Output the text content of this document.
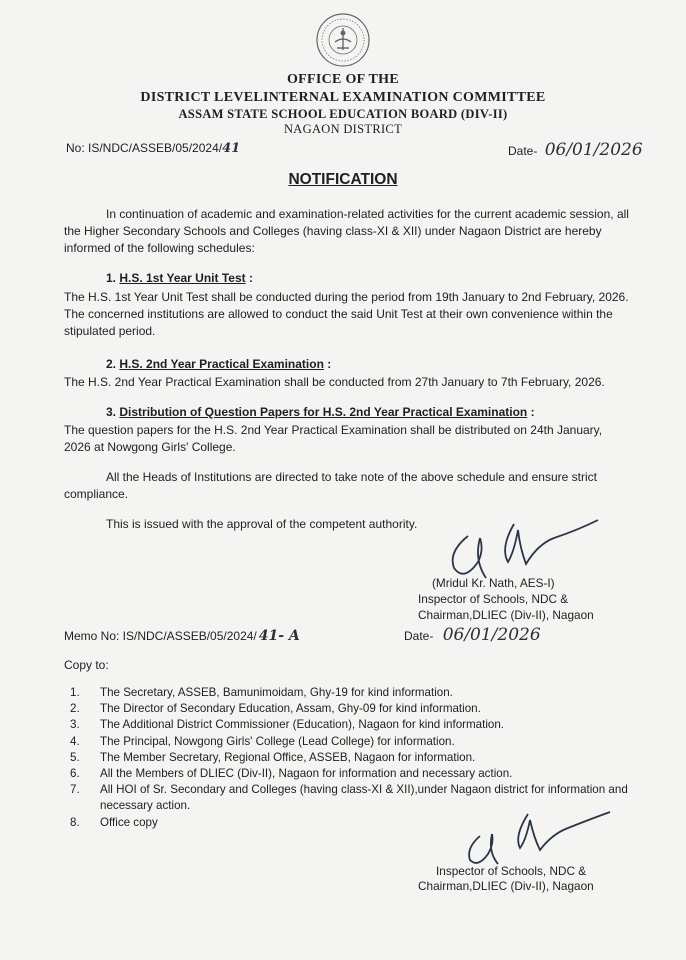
OFFICE OF THE
DISTRICT LEVELINTERNAL EXAMINATION COMMITTEE
ASSAM STATE SCHOOL EDUCATION BOARD (DIV-II)
NAGAON DISTRICT
No: IS/NDC/ASSEB/05/2024/41	Date- 06/01/2026
NOTIFICATION
In continuation of academic and examination-related activities for the current academic session, all the Higher Secondary Schools and Colleges (having class-XI & XII) under Nagaon District are hereby informed of the following schedules:
1. H.S. 1st Year Unit Test :
The H.S. 1st Year Unit Test shall be conducted during the period from 19th January to 2nd February, 2026. The concerned institutions are allowed to conduct the said Unit Test at their own convenience within the stipulated period.
2. H.S. 2nd Year Practical Examination :
The H.S. 2nd Year Practical Examination shall be conducted from 27th January to 7th February, 2026.
3. Distribution of Question Papers for H.S. 2nd Year Practical Examination :
The question papers for the H.S. 2nd Year Practical Examination shall be distributed on 24th January, 2026 at Nowgong Girls' College.
All the Heads of Institutions are directed to take note of the above schedule and ensure strict compliance.
This is issued with the approval of the competent authority.
(Mridul Kr. Nath, AES-I)
Inspector of Schools, NDC &
Chairman,DLIEC (Div-II), Nagaon
Memo No: IS/NDC/ASSEB/05/2024/ 41- A	Date- 06/01/2026
Copy to:
1. The Secretary, ASSEB, Bamunimoidam, Ghy-19 for kind information.
2. The Director of Secondary Education, Assam, Ghy-09 for kind information.
3. The Additional District Commissioner (Education), Nagaon for kind information.
4. The Principal, Nowgong Girls' College (Lead College) for information.
5. The Member Secretary, Regional Office, ASSEB, Nagaon for information.
6. All the Members of DLIEC (Div-II), Nagaon for information and necessary action.
7. All HOI of Sr. Secondary and Colleges (having class-XI & XII),under Nagaon district for information and necessary action.
8. Office copy
Inspector of Schools, NDC &
Chairman,DLIEC (Div-II), Nagaon
